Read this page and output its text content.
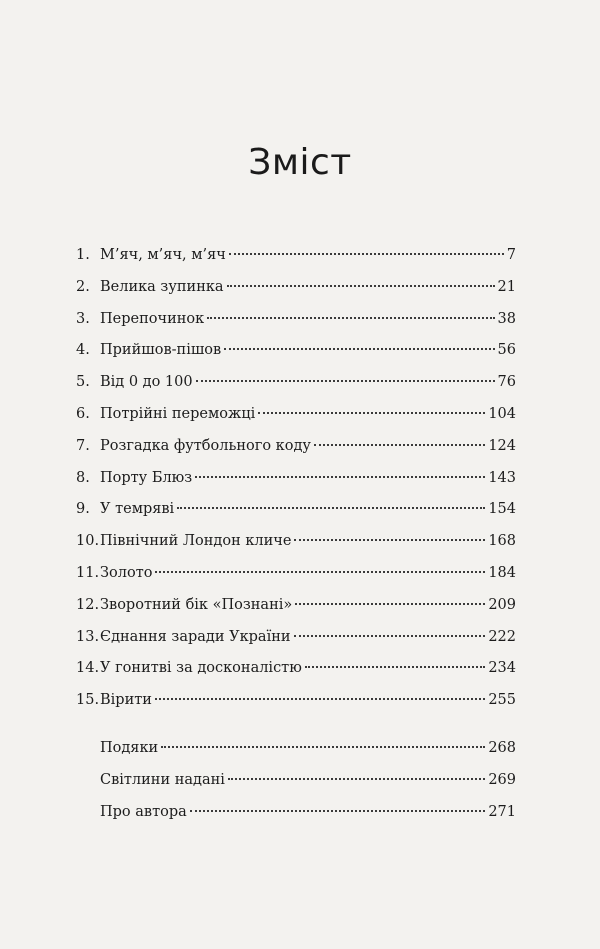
Зміст
1. М’яч, м’яч, м’яч	7
2. Велика зупинка	21
3. Перепочинок	38
4. Прийшов-пішов	56
5. Від 0 до 100	76
6. Потрійні переможці	104
7. Розгадка футбольного коду	124
8. Порту Блюз	143
9. У темряві	154
10. Північний Лондон кличе	168
11. Золото	184
12. Зворотний бік «Познані»	209
13. Єднання заради України	222
14. У гонитві за досконалістю	234
15. Вірити	255
Подяки	268
Світлини надані	269
Про автора	271
